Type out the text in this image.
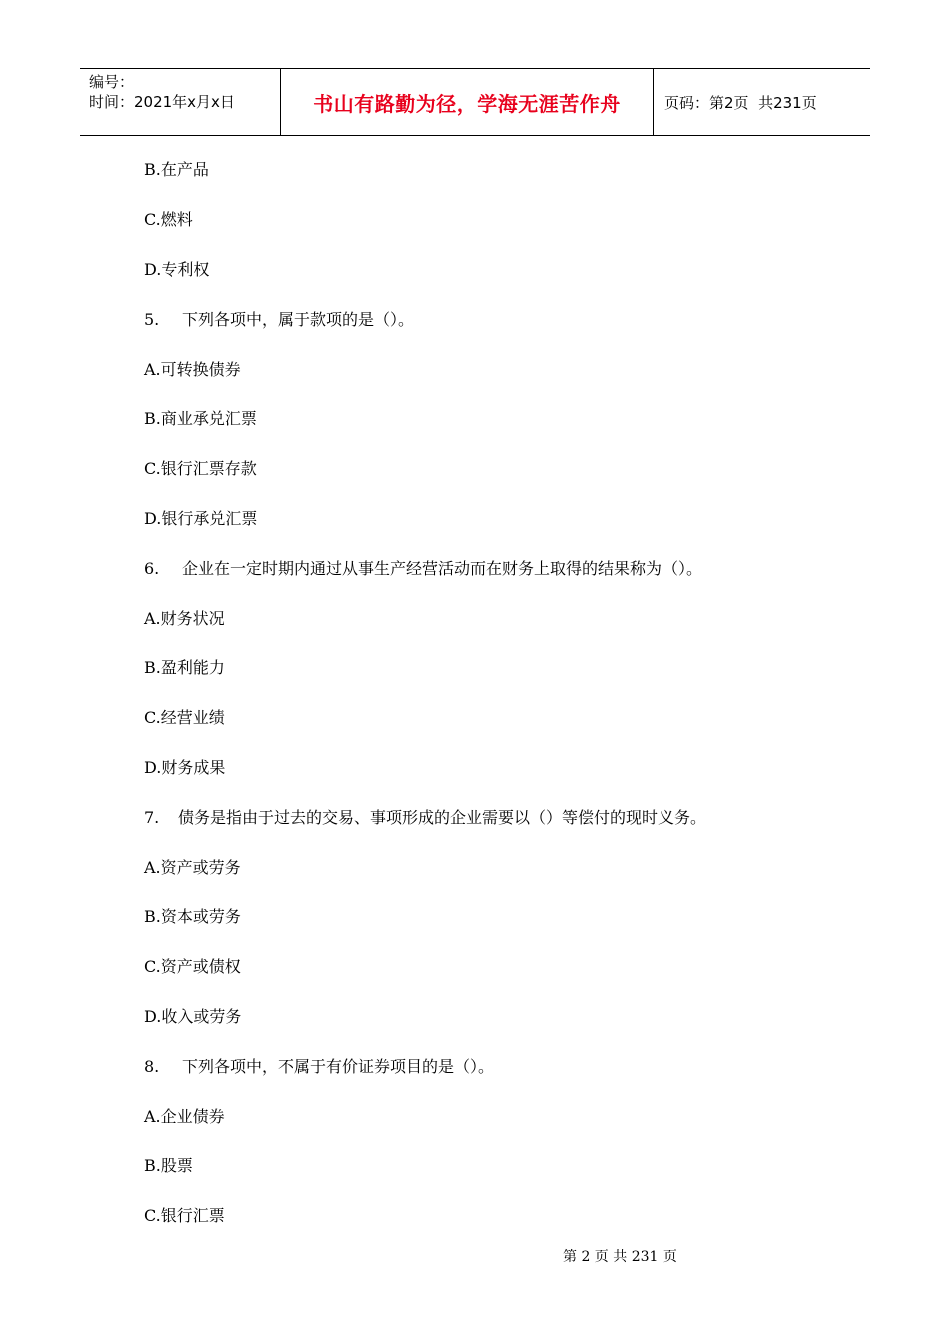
编号：
时间：2021年x月x日	书山有路勤为径，学海无涯苦作舟	页码：第2页  共231页
B.在产品
C.燃料
D.专利权
5. 下列各项中，属于款项的是（）。
A.可转换债券
B.商业承兑汇票
C.银行汇票存款
D.银行承兑汇票
6. 企业在一定时期内通过从事生产经营活动而在财务上取得的结果称为（）。
A.财务状况
B.盈利能力
C.经营业绩
D.财务成果
7. 债务是指由于过去的交易、事项形成的企业需要以（）等偿付的现时义务。
A.资产或劳务
B.资本或劳务
C.资产或债权
D.收入或劳务
8. 下列各项中，不属于有价证券项目的是（）。
A.企业债券
B.股票
C.银行汇票
第 2 页 共 231 页
